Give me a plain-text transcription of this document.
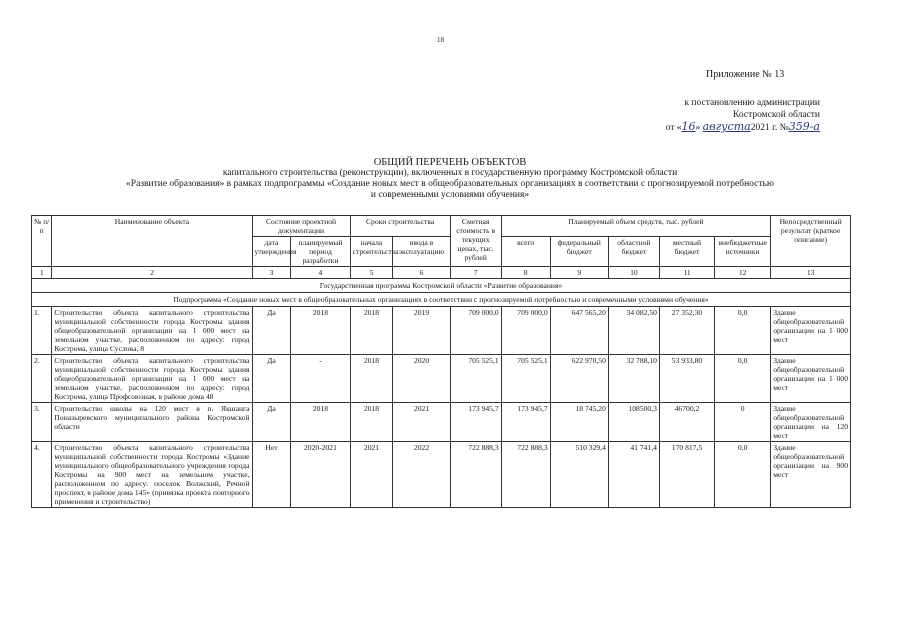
18
Приложение № 13
к постановлению администрации
Костромской области
от «16» августа2021 г. №359-а
ОБЩИЙ ПЕРЕЧЕНЬ ОБЪЕКТОВ
капитального строительства (реконструкции), включенных в государственную программу Костромской области
«Развитие образования» в рамках подпрограммы «Создание новых мест в общеобразовательных организациях в соответствии с прогнозируемой потребностью
и современными условиями обучения»
№ п/п	Наименование объекта	Состояние проектной документации		Сроки строительства		Сметная стоимость в текущих ценах, тыс. рублей	Планируемый объем средств, тыс. рублей					Непосредственный результат (краткое описание)
		дата утверждения	планируемый период разработки	начала строительства	ввода в эксплуатацию		всего	федеральный бюджет	областной бюджет	местный бюджет	внебюджетные источники	
1	2	3	4	5	6	7	8	9	10	11	12	13
Государственная программа Костромской области «Развитие образования»												
Подпрограмма «Создание новых мест в общеобразовательных организациях в соответствии с прогнозируемой потребностью и современными условиями обучения»												
1.	Строительство объекта капитального строительства муниципальной собственности города Костромы здания общеобразовательной организации на 1 000 мест на земельном участке, расположенном по адресу: город Кострома, улица Сусловa, 8	Да	2018	2018	2019	709 000,0	709 000,0	647 565,20	34 082,50	27 352,30	0,0	Здание общеобразовательной организации на 1 000 мест
2.	Строительство объекта капитального строительства муниципальной собственности города Костромы здания общеобразовательной организации на 1 000 мест на земельном участке, расположенном по адресу: город Кострома, улица Профсоюзная, в районе дома 48	Да	-	2018	2020	705 525,1	705 525,1	622 970,50	32 788,10	53 933,80	0,0	Здание общеобразовательной организации на 1 000 мест
3.	Строительство школы на 120 мест в п. Якшанга Поназыревского муниципального района Костромской области	Да	2018	2018	2021	173 945,7	173 945,7	18 745,20	108500,3	46700,2	0	Здание общеобразовательной организации на 120 мест
4.	Строительство объекта капитального строительства муниципальной собственности города Костромы «Здание муниципального общеобразовательного учреждения города Костромы на 900 мест на земельном участке, расположенном по адресу: поселок Волжский, Речной проспект, в районе дома 145» (привязка проекта повторного применения и строительство)	Нет	2020-2021	2021	2022	722 888,3	722 888,3	510 329,4	41 741,4	170 817,5	0,0	Здание общеобразовательной организации на 900 мест
